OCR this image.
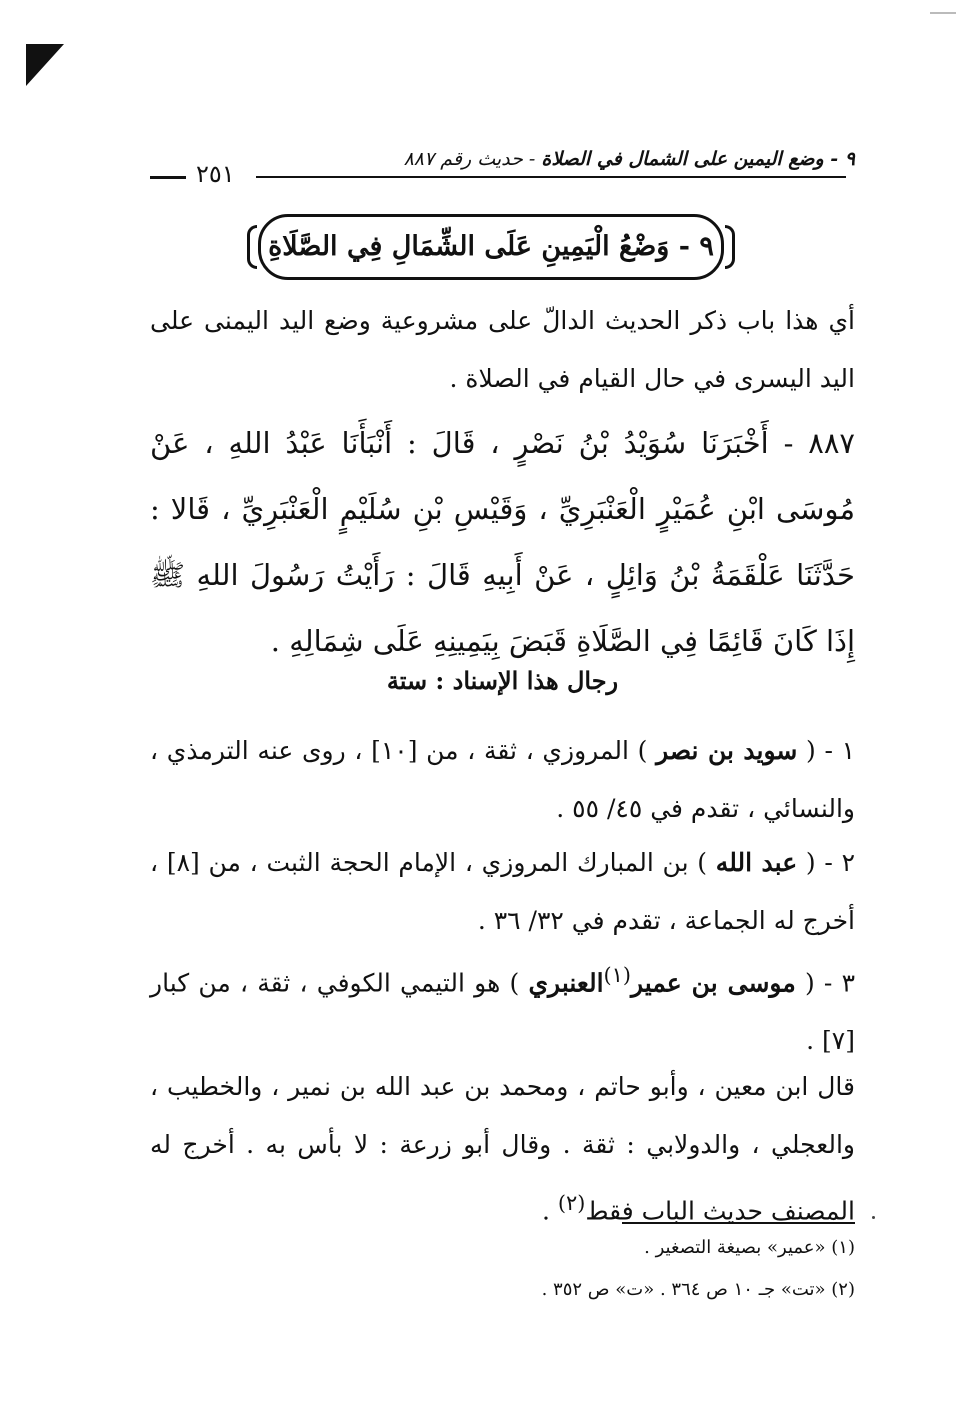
٢٥١
٩ - وضع اليمين على الشمال في الصلاة - حديث رقم ٨٨٧
٩ - وَضْعُ الْيَمِينِ عَلَى الشِّمَالِ فِي الصَّلَاةِ
أي هذا باب ذكر الحديث الدالّ على مشروعية وضع اليد اليمنى على اليد اليسرى في حال القيام في الصلاة .
٨٨٧ - أَخْبَرَنَا سُوَيْدُ بْنُ نَصْرٍ ، قَالَ : أَنْبَأَنَا عَبْدُ اللهِ ، عَنْ مُوسَى ابْنِ عُمَيْرٍ الْعَنْبَرِيِّ ، وَقَيْسِ بْنِ سُلَيْمٍ الْعَنْبَرِيِّ ، قَالا : حَدَّثَنَا عَلْقَمَةُ بْنُ وَائِلٍ ، عَنْ أَبِيهِ قَالَ : رَأَيْتُ رَسُولَ اللهِ ﷺ إِذَا كَانَ قَائِمًا فِي الصَّلَاةِ قَبَضَ بِيَمِينِهِ عَلَى شِمَالِهِ .
رجال هذا الإسناد : ستة
١ - ( سويد بن نصر ) المروزي ، ثقة ، من [١٠] ، روى عنه الترمذي ، والنسائي ، تقدم في ٤٥/ ٥٥ .
٢ - ( عبد الله ) بن المبارك المروزي ، الإمام الحجة الثبت ، من [٨] ، أخرج له الجماعة ، تقدم في ٣٢/ ٣٦ .
٣ - ( موسى بن عمير$^{(١)}$العنبري ) هو التيمي الكوفي ، ثقة ، من كبار [٧] .
قال ابن معين ، وأبو حاتم ، ومحمد بن عبد الله بن نمير ، والخطيب ، والعجلي ، والدولابي : ثقة . وقال أبو زرعة : لا بأس به . أخرج له المصنف حديث الباب فقط$^{(٢)}$ .
(١) «عمير» بصيغة التصغير .
(٢) «تت» جـ ١٠ ص ٣٦٤ . «ت» ص ٣٥٢ .
